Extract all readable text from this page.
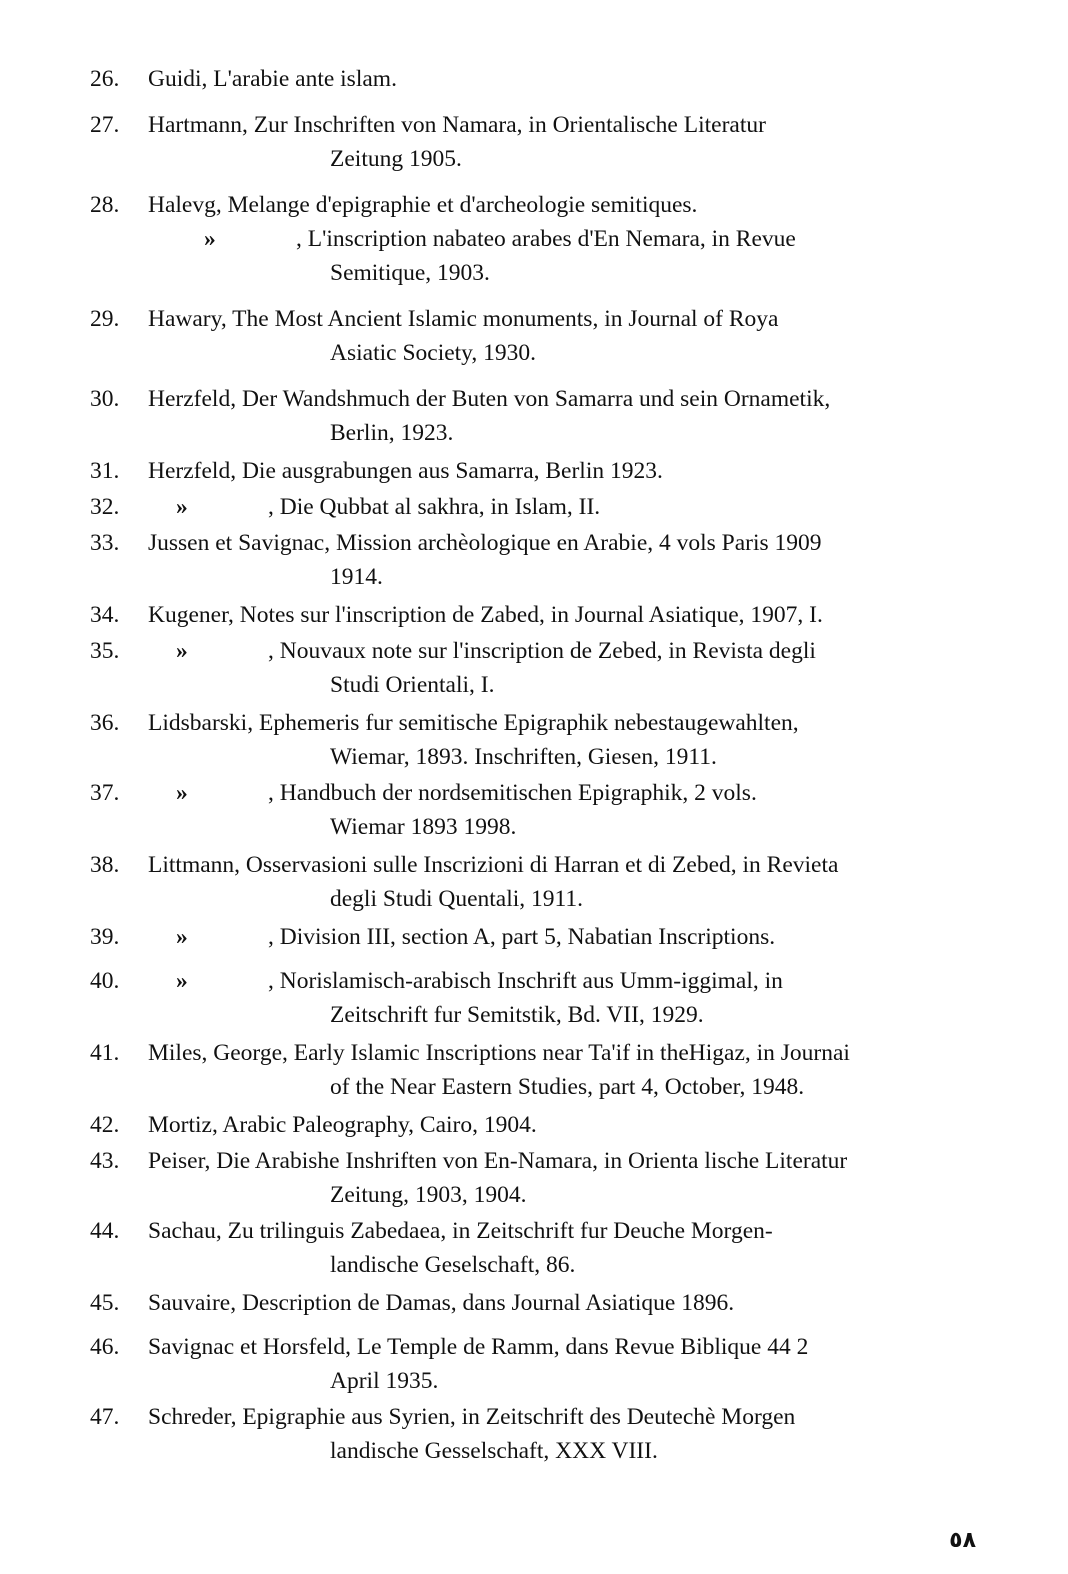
26. Guidi, L'arabie ante islam.
27. Hartmann, Zur Inschriften von Namara, in Orientalische Literatur
Zeitung 1905.
28. Halevg, Melange d'epigraphie et d'archeologie semitiques.
»	, L'inscription nabateo arabes d'En Nemara, in Revue
Semitique, 1903.
29. Hawary, The Most Ancient Islamic monuments, in Journal of Roya
Asiatic Society, 1930.
30. Herzfeld, Der Wandshmuch der Buten von Samarra und sein Ornametik,
Berlin, 1923.
31. Herzfeld, Die ausgrabungen aus Samarra, Berlin 1923.
32. »	, Die Qubbat al sakhra, in Islam, II.
33. Jussen et Savignac, Mission archèologique en Arabie, 4 vols Paris 1909
1914.
34. Kugener, Notes sur l'inscription de Zabed, in Journal Asiatique, 1907, I.
35. »	, Nouvaux note sur l'inscription de Zebed, in Revista degli
Studi Orientali, I.
36. Lidsbarski, Ephemeris fur semitische Epigraphik nebestaugewahlten,
Wiemar, 1893. Inschriften, Giesen, 1911.
37. »	, Handbuch der nordsemitischen Epigraphik, 2 vols.
Wiemar 1893 1998.
38. Littmann, Osservasioni sulle Inscrizioni di Harran et di Zebed, in Revieta
degli Studi Quentali, 1911.
39. »	, Division III, section A, part 5, Nabatian Inscriptions.
40. »	, Norislamisch-arabisch Inschrift aus Umm-iggimal, in
Zeitschrift fur Semitstik, Bd. VII, 1929.
41. Miles, George, Early Islamic Inscriptions near Ta'if in theHigaz, in Journai
of the Near Eastern Studies, part 4, October, 1948.
42. Mortiz, Arabic Paleography, Cairo, 1904.
43. Peiser, Die Arabishe Inshriften von En-Namara, in Orienta lische Literatur
Zeitung, 1903, 1904.
44. Sachau, Zu trilinguis Zabedaea, in Zeitschrift fur Deuche Morgen-
landische Geselschaft, 86.
45. Sauvaire, Description de Damas, dans Journal Asiatique 1896.
46. Savignac et Horsfeld, Le Temple de Ramm, dans Revue Biblique 44 2
April 1935.
47. Schreder, Epigraphie aus Syrien, in Zeitschrift des Deutechè Morgen
landische Gesselschaft, XXX VIII.
٥٨
